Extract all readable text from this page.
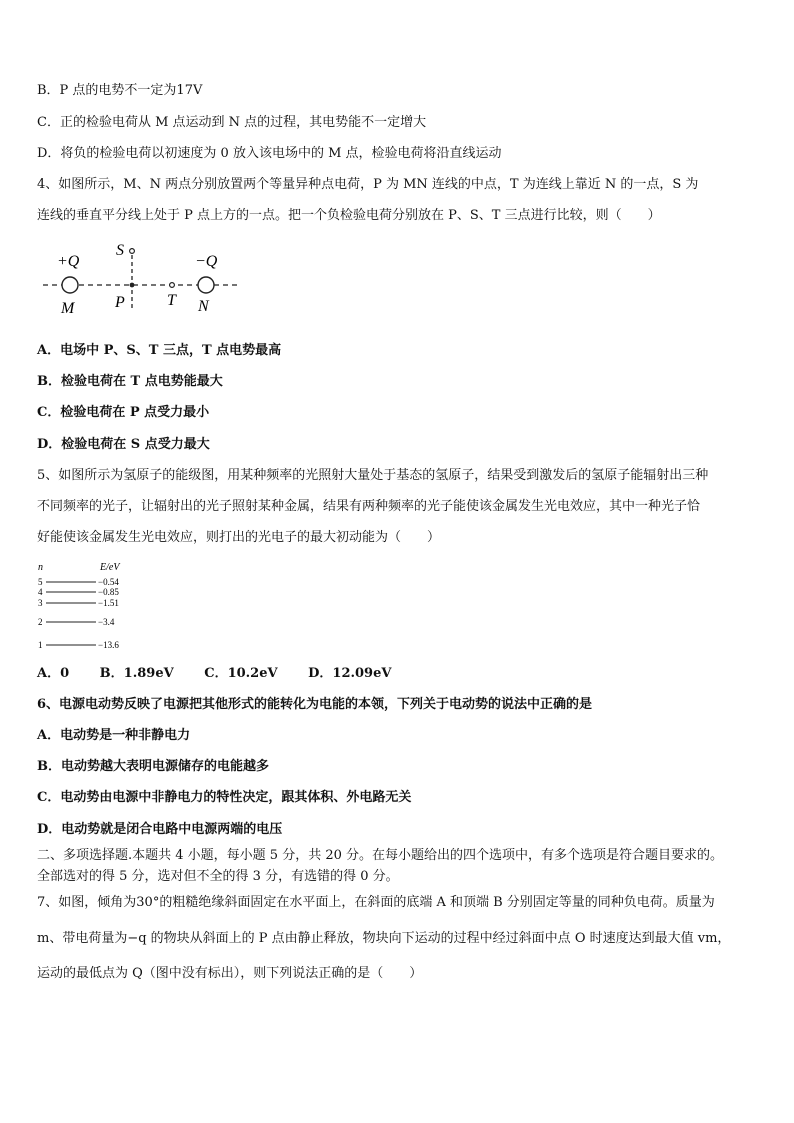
B．P 点的电势不一定为17V
C．正的检验电荷从 M 点运动到 N 点的过程，其电势能不一定增大
D．将负的检验电荷以初速度为 0 放入该电场中的 M 点，检验电荷将沿直线运动
4、如图所示，M、N 两点分别放置两个等量异种点电荷，P 为 MN 连线的中点，T 为连线上靠近 N 的一点，S 为
连线的垂直平分线上处于 P 点上方的一点。把一个负检验电荷分别放在 P、S、T 三点进行比较，则（　　）
+Q	−Q
M	P	T N
S
A．电场中 P、S、T 三点，T 点电势最高
B．检验电荷在 T 点电势能最大
C．检验电荷在 P 点受力最小
D．检验电荷在 S 点受力最大
5、如图所示为氢原子的能级图，用某种频率的光照射大量处于基态的氢原子，结果受到激发后的氢原子能辐射出三种
不同频率的光子，让辐射出的光子照射某种金属，结果有两种频率的光子能使该金属发生光电效应，其中一种光子恰
好能使该金属发生光电效应，则打出的光电子的最大初动能为（　　）
n	E/eV
5	−0.54
4	−0.85
3	−1.51
2	−3.4
1	−13.6
A．0 B．1.89eV C．10.2eV D．12.09eV
6、电源电动势反映了电源把其他形式的能转化为电能的本领，下列关于电动势的说法中正确的是
A．电动势是一种非静电力
B．电动势越大表明电源储存的电能越多
C．电动势由电源中非静电力的特性决定，跟其体积、外电路无关
D．电动势就是闭合电路中电源两端的电压
二、多项选择题.本题共 4 小题，每小题 5 分，共 20 分。在每小题给出的四个选项中，有多个选项是符合题目要求的。
全部选对的得 5 分，选对但不全的得 3 分，有选错的得 0 分。
7、如图，倾角为30°的粗糙绝缘斜面固定在水平面上，在斜面的底端 A 和顶端 B 分别固定等量的同种负电荷。质量为
m、带电荷量为−q 的物块从斜面上的 P 点由静止释放，物块向下运动的过程中经过斜面中点 O 时速度达到最大值 vm，
运动的最低点为 Q（图中没有标出），则下列说法正确的是（　　）
